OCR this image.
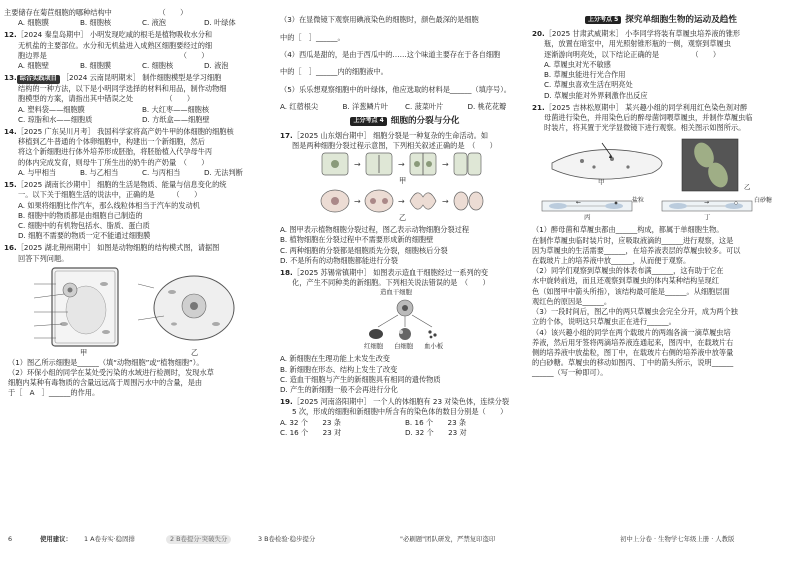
主要储存在菊苣细胞的哪种结构中　　　　　　　（　　）

A. 细胞膜	B. 细胞核	C. 液泡	D. 叶绿体

12.［2024 秦皇岛期中］ 小明发现吃咸的根毛是植物吸收水分和

无机盐的主要部位。水分和无机盐进入成熟区细胞要经过的细

胞边界是　　　　　　　　　　　　　　　　　　　（　　）

A. 细胞壁	B. 细胞膜	C. 细胞核	D. 液泡

13. 综合实践项目 ［2024 云南昆明期末］ 制作细胞模型是学习细胞

结构的一种方法，以下是小明同学选择的材料和用品，制作动物细

胞模型的方案，请指出其中错误之处　　　　　（　　）

A. 塑料袋——细胞膜	B. 大红枣——细胞核
C. 琼脂和水——细胞质	D. 方纸盒——细胞壁

14.［2025 广东吴川月考］ 我国科学家将高产奶牛甲的体细胞的细胞核

移植到乙牛普通的个体卵细胞中，构建出一个新细胞，然后

将这个新细胞进行体外培养形成胚胎，将胚胎植入代孕母牛丙

的体内完成发育，则母牛丁所生出的奶牛的产奶量　（　　）

A. 与甲相当	B. 与乙相当	C. 与丙相当	D. 无法判断

15.［2025 湖南长沙期中］ 细胞的生活是物质、能量与信息变化的统

一。以下关于细胞生活的说法中，正确的是　　　（　　）

A. 如果将细胞比作汽车，那么线粒体相当于汽车的发动机
B. 细胞中的物质都是由细胞自己制造的
C. 细胞中的有机物包括水、脂质、蛋白质
D. 细胞不需要的物质一定不能通过细胞膜

16.［2025 湖北荆州期中］ 如图是动物细胞的结构模式图，请据图

回答下列问题。

甲	乙

（1）图乙所示细胞是______（填“动物细胞”或“植物细胞”）。

（2）环保小组的同学在某处受污染的水域进行检测时，发现水草

细胞内某种有毒物质的含量远远高于周围污水中的含量，是由

于［　A　］______的作用。

（3）在显微镜下观察用碘液染色的细胞时，颜色最深的是细胞

中的［　］______。

（4）西瓜是甜的，是由于西瓜中的……这个味道主要存在于各自细胞

中的［　］______内的细胞液中。

（5）乐乐想观察细胞中的叶绿体，他应选取的材料是______（填序号）。

A. 红蓿根尖	B. 洋葱鳞片叶	C. 菠菜叶片	D. 桃花花瓣
上分考点 4 细胞的分裂与分化

17.［2025 山东烟台期中］ 细胞分裂是一种复杂的生命活动。如

图是两种细胞分裂过程示意图，下列相关叙述正确的是　（　　）

→	→	→
→	→	→
甲
乙
A. 图甲表示植物细胞分裂过程，图乙表示动物细胞分裂过程
B. 植物细胞在分裂过程中不需要形成新的细胞壁
C. 两种细胞的分裂都是细胞质先分裂，细胞核后分裂
D. 不是所有的动物细胞都能进行分裂

18.［2025 苏锡常镇期中］ 如图表示造血干细胞经过一系列的变

化，产生不同种类的新细胞。下列相关说法错误的是　（　　）

造血干细胞
红细胞 白细胞 血小板
A. 新细胞在生理功能上未发生改变
B. 新细胞在形态、结构上发生了改变
C. 造血干细胞与产生的新细胞具有相同的遗传物质
D. 产生的新细胞一般不会再进行分化

19.［2025 河南洛阳期中］ 一个人的体细胞有 23 对染色体，连续分裂

5 次，形成的细胞和新细胞中所含有的染色体的数目分别是（　　）

A. 32 个　　23 条	B. 16 个　　23 条
C. 16 个　　23 对	D. 32 个　　23 对
上分考点 5 探究单细胞生物的运动及趋性

20.［2025 甘肃武威期末］ 小李同学将装有草履虫培养液的锥形

瓶，放置在暗室中，用光照射锥形瓶的一侧，观察到草履虫

逐渐游向明亮处，以下结论正确的是　　　　　（　　）

A. 草履虫对光不敏感
B. 草履虫能进行光合作用
C. 草履虫喜欢生活在明亮处
D. 草履虫能对外界刺激作出反应

21.［2025 吉林松原期中］ 某兴趣小组的同学利用红色染色剂对醉

母菌进行染色，并用染色后的醉母菌饲喂草履虫，并制作草履虫临

时装片，将其置于光学显微镜下进行观察。相关图示如图所示。

←	→
甲
乙
盐粒	白砂糖
丙	丁

（1）醉母菌和草履虫都由______构成，都属于单细胞生物。

在制作草履虫临时装片时，应吸取液滴的______进行观察，这是

因为草履虫的生活需要______，在培养液表层的草履虫较多。可以

在载玻片上的培养液中放______，从而便于观察。

（2）同学们观察到草履虫的体表布满______，这有助于它在

水中旋转前进，而且还观察到草履虫的体内某种结构呈现红

色（如图甲中箭头所指），该结构最可能是______。从细胞层面

观红色的原因是______。

（3）一段时间后，图乙中的两只草履虫会完全分开，成为两个独

立的个体，说明这只草履虫正在进行______。

（4）该兴趣小组的同学在两个载玻片的两端各滴一滴草履虫培

养液，然后用牙签将两滴培养液连通起来，图丙中，在载玻片右

侧的培养液中放盐粒，图丁中，在载玻片右侧的培养液中放等量

的白砂糖。草履虫的移动如图丙、丁中的箭头所示，说明______

______（写一种即可）。

6	使用建议： 1 A卷夯实·稳固排	2 B卷提分·突破失分	3 B卷检验·稳步提分	"必刷题"团队研发，严禁复印盗印	初中上分卷 · 生物学七年级上册 · 人教版
